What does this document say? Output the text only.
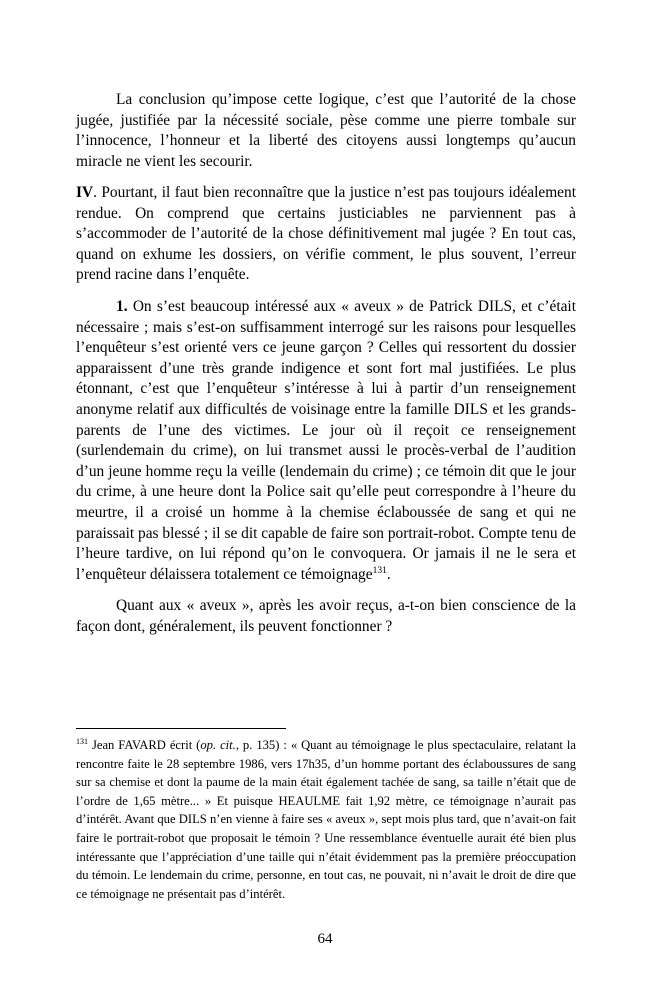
La conclusion qu’impose cette logique, c’est que l’autorité de la chose jugée, justifiée par la nécessité sociale, pèse comme une pierre tombale sur l’innocence, l’honneur et la liberté des citoyens aussi longtemps qu’aucun miracle ne vient les secourir.

IV. Pourtant, il faut bien reconnaître que la justice n’est pas toujours idéalement rendue. On comprend que certains justiciables ne parviennent pas à s’accommoder de l’autorité de la chose définitivement mal jugée ? En tout cas, quand on exhume les dossiers, on vérifie comment, le plus souvent, l’erreur prend racine dans l’enquête.

1. On s’est beaucoup intéressé aux « aveux » de Patrick DILS, et c’était nécessaire ; mais s’est-on suffisamment interrogé sur les raisons pour lesquelles l’enquêteur s’est orienté vers ce jeune garçon ? Celles qui ressortent du dossier apparaissent d’une très grande indigence et sont fort mal justifiées. Le plus étonnant, c’est que l’enquêteur s’intéresse à lui à partir d’un renseignement anonyme relatif aux difficultés de voisinage entre la famille DILS et les grands-parents de l’une des victimes. Le jour où il reçoit ce renseignement (surlendemain du crime), on lui transmet aussi le procès-verbal de l’audition d’un jeune homme reçu la veille (lendemain du crime) ; ce témoin dit que le jour du crime, à une heure dont la Police sait qu’elle peut correspondre à l’heure du meurtre, il a croisé un homme à la chemise éclaboussée de sang et qui ne paraissait pas blessé ; il se dit capable de faire son portrait-robot. Compte tenu de l’heure tardive, on lui répond qu’on le convoquera. Or jamais il ne le sera et l’enquêteur délaissera totalement ce témoignage$^{131}$.

Quant aux « aveux », après les avoir reçus, a-t-on bien conscience de la façon dont, généralement, ils peuvent fonctionner ?

$^{131}$ Jean FAVARD écrit (op. cit., p. 135) : « Quant au témoignage le plus spectaculaire, relatant la rencontre faite le 28 septembre 1986, vers 17h35, d’un homme portant des éclaboussures de sang sur sa chemise et dont la paume de la main était également tachée de sang, sa taille n’était que de l’ordre de 1,65 mètre... » Et puisque HEAULME fait 1,92 mètre, ce témoignage n’aurait pas d’intérêt. Avant que DILS n’en vienne à faire ses « aveux », sept mois plus tard, que n’avait-on fait faire le portrait-robot que proposait le témoin ? Une ressemblance éventuelle aurait été bien plus intéressante que l’appréciation d’une taille qui n’était évidemment pas la première préoccupation du témoin. Le lendemain du crime, personne, en tout cas, ne pouvait, ni n’avait le droit de dire que ce témoignage ne présentait pas d’intérêt.

64
